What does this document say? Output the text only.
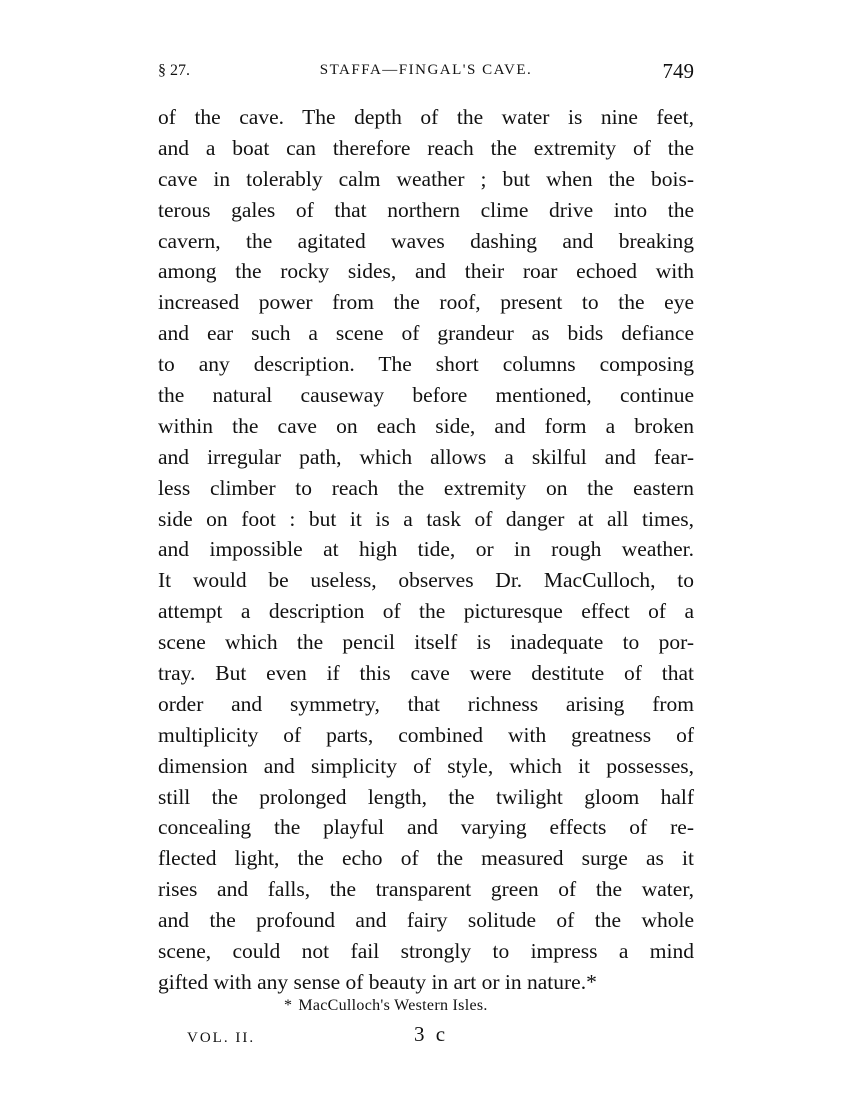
§ 27.	STAFFA—FINGAL'S CAVE.	749
of the cave. The depth of the water is nine feet,
and a boat can therefore reach the extremity of the
cave in tolerably calm weather ; but when the bois-
terous gales of that northern clime drive into the
cavern, the agitated waves dashing and breaking
among the rocky sides, and their roar echoed with
increased power from the roof, present to the eye
and ear such a scene of grandeur as bids defiance
to any description. The short columns composing
the natural causeway before mentioned, continue
within the cave on each side, and form a broken
and irregular path, which allows a skilful and fear-
less climber to reach the extremity on the eastern
side on foot : but it is a task of danger at all times,
and impossible at high tide, or in rough weather.
It would be useless, observes Dr. MacCulloch, to
attempt a description of the picturesque effect of a
scene which the pencil itself is inadequate to por-
tray. But even if this cave were destitute of that
order and symmetry, that richness arising from
multiplicity of parts, combined with greatness of
dimension and simplicity of style, which it possesses,
still the prolonged length, the twilight gloom half
concealing the playful and varying effects of re-
flected light, the echo of the measured surge as it
rises and falls, the transparent green of the water,
and the profound and fairy solitude of the whole
scene, could not fail strongly to impress a mind
gifted with any sense of beauty in art or in nature.*
* MacCulloch's Western Isles.
VOL. II.	3 c
